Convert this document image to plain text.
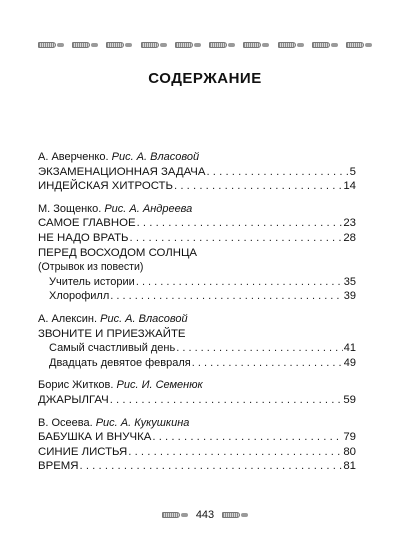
СОДЕРЖАНИЕ
А. Аверченко. Рис. А. Власовой
ЭКЗАМЕНАЦИОННАЯ ЗАДАЧА . . .	5
ИНДЕЙСКАЯ ХИТРОСТЬ . . .	14
М. Зощенко. Рис. А. Андреева
САМОЕ ГЛАВНОЕ . . .	23
НЕ НАДО ВРАТЬ . . .	28
ПЕРЕД ВОСХОДОМ СОЛНЦА
(Отрывок из повести)
Учитель истории . . .	35
Хлорофилл . . .	39
А. Алексин. Рис. А. Власовой
ЗВОНИТЕ И ПРИЕЗЖАЙТЕ
Самый счастливый день . . .	41
Двадцать девятое февраля . . .	49
Борис Житков. Рис. И. Семенюк
ДЖАРЫЛГАЧ . . .	59
В. Осеева. Рис. А. Кукушкина
БАБУШКА И ВНУЧКА . . .	79
СИНИЕ ЛИСТЬЯ . . .	80
ВРЕМЯ . . .	81
443
